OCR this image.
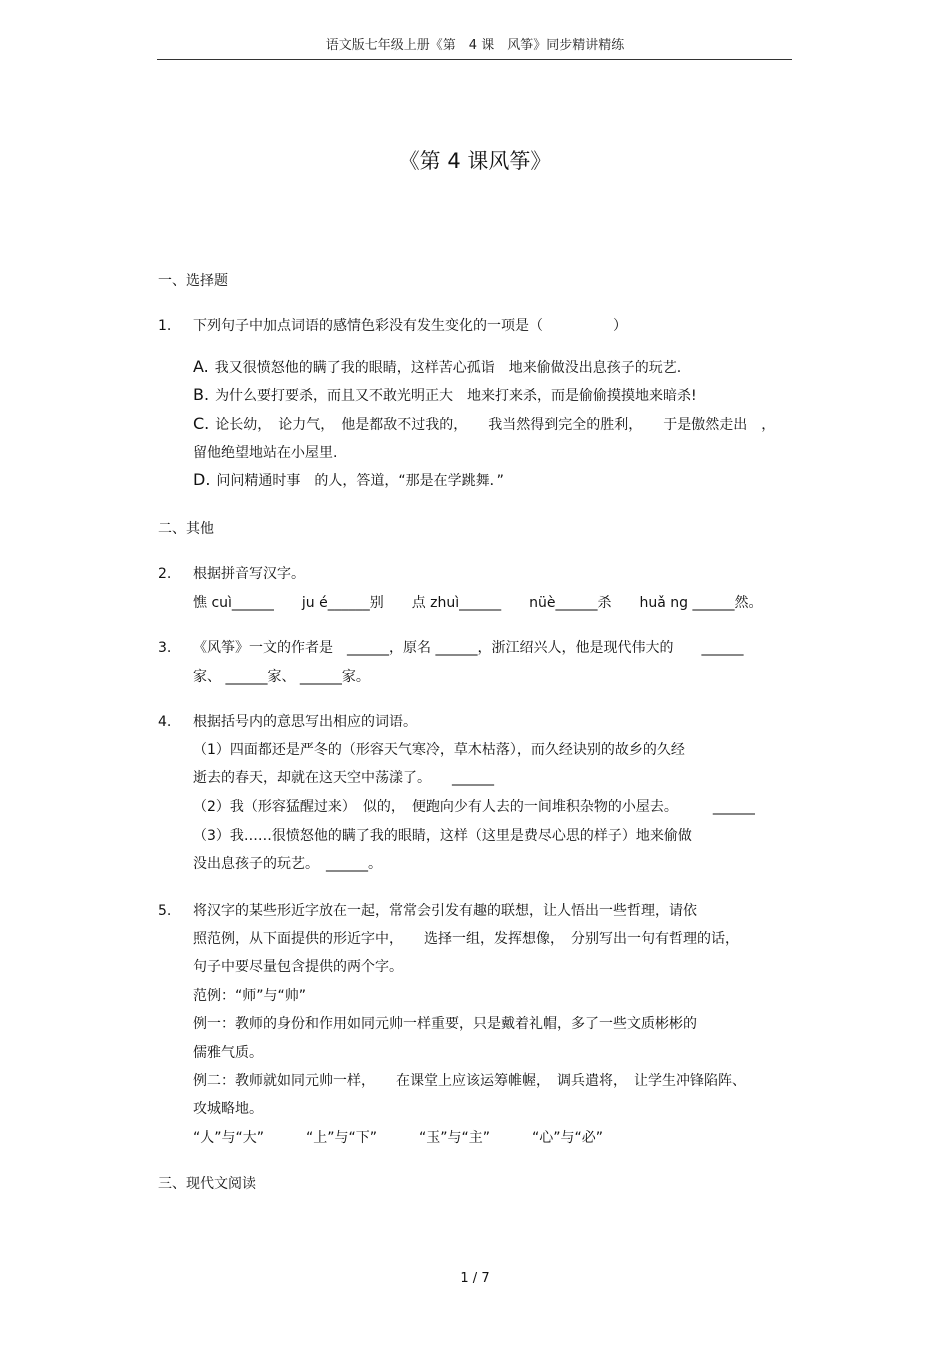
语文版七年级上册《第　4 课　风筝》同步精讲精练
《第 4 课风筝》
一、选择题
1. 下列句子中加点词语的感情色彩没有发生变化的一项是（　　　　　）
A. 我又很愤怒他的瞒了我的眼睛，这样苦心孤诣　地来偷做没出息孩子的玩艺.
B. 为什么要打要杀，而且又不敢光明正大　地来打来杀，而是偷偷摸摸地来暗杀!
C. 论长幼，　论力气，　他是都敌不过我的，　　我当然得到完全的胜利，　　于是傲然走出　，
留他绝望地站在小屋里.
D. 问问精通时事　的人，答道，“那是在学跳舞．”
二、其他
2. 根据拼音写汉字。
憔 cuì______　　ju é______别　　点 zhuì______　　nüè______杀　　huǎ ng ______然。
3. 《风筝》一文的作者是　______，原名 ______，浙江绍兴人，他是现代伟大的　　______
家、 ______家、 ______家。
4. 根据括号内的意思写出相应的词语。
（1）四面都还是严冬的（形容天气寒冷，草木枯落），而久经诀别的故乡的久经
逝去的春天，却就在这天空中荡漾了。　　______
（2）我（形容猛醒过来）　似的，　便跑向少有人去的一间堆积杂物的小屋去。　　　______
（3）我……很愤怒他的瞒了我的眼睛，这样（这里是费尽心思的样子）地来偷做
没出息孩子的玩艺。　______。
5. 将汉字的某些形近字放在一起，常常会引发有趣的联想，让人悟出一些哲理，请依
照范例，从下面提供的形近字中，　　选择一组，发挥想像，　分别写出一句有哲理的话，
句子中要尽量包含提供的两个字。
范例：“师”与“帅”
例一：教师的身份和作用如同元帅一样重要，只是戴着礼帽，多了一些文质彬彬的
儒雅气质。
例二：教师就如同元帅一样，　　在课堂上应该运筹帷幄，　调兵遣将，　让学生冲锋陷阵、
攻城略地。
“人”与“大”　　　“上”与“下”　　　“玉”与“主”　　　“心”与“必”
三、现代文阅读
1 / 7
